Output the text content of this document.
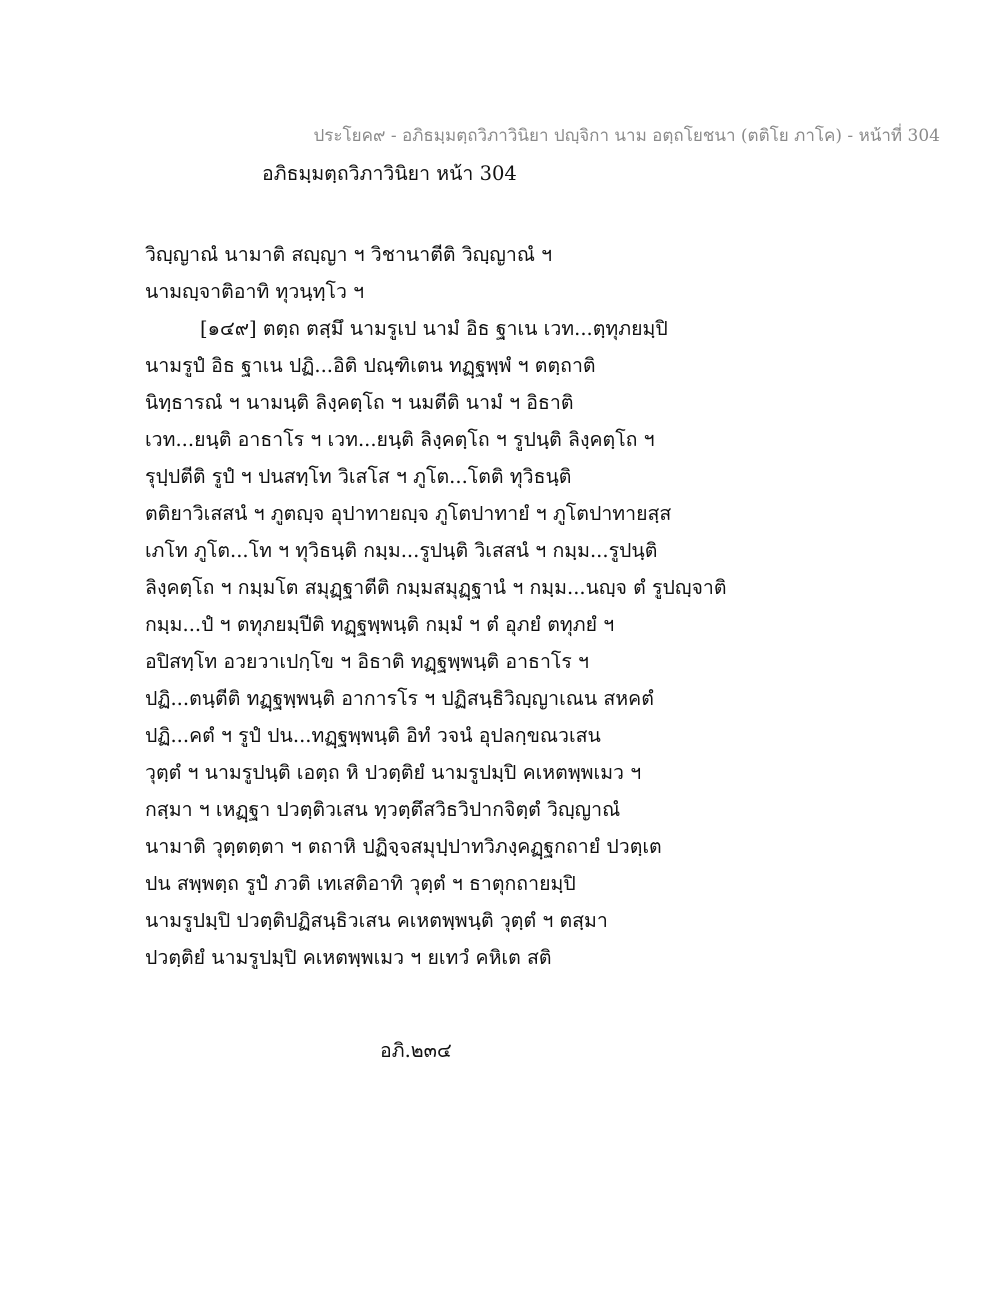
ประโยค๙ - อภิธมฺมตฺถวิภาวินิยา ปญฺจิกา นาม อตฺถโยชนา (ตติโย ภาโค) - หน้าที่ 304
อภิธมฺมตฺถวิภาวินิยา หน้า 304
วิญฺญาณํ นามาติ สญฺญา ฯ วิชานาตีติ วิญฺญาณํ ฯ
นามญฺจาติอาทิ ทุวนฺทฺโว ฯ
[๑๔๙] ตตฺถ ตสฺมึ นามรูเป นามํ อิธ ฐาเน เวท...ตฺทุภยมฺปิ
นามรูปํ อิธ ฐาเน ปฏิ...อิติ ปณฺฑิเตน ทฏฺฐพฺพํ ฯ ตตฺถาติ
นิทฺธารณํ ฯ นามนฺติ ลิงฺคตฺโถ ฯ นมตีติ นามํ ฯ อิธาติ
เวท...ยนฺติ อาธาโร ฯ เวท...ยนฺติ ลิงฺคตฺโถ ฯ รูปนฺติ ลิงฺคตฺโถ ฯ
รุปฺปตีติ รูปํ ฯ ปนสทฺโท วิเสโส ฯ ภูโต...โตติ ทุวิธนฺติ
ตติยาวิเสสนํ ฯ ภูตญฺจ อุปาทายญฺจ ภูโตปาทายํ ฯ ภูโตปาทายสฺส
เภโท ภูโต...โท ฯ ทุวิธนฺติ กมฺม...รูปนฺติ วิเสสนํ ฯ กมฺม...รูปนฺติ
ลิงฺคตฺโถ ฯ กมฺมโต สมุฏฺฐาตีติ กมฺมสมุฏฺฐานํ ฯ กมฺม...นญฺจ ตํ รูปญฺจาติ
กมฺม...ปํ ฯ ตทุภยมฺปีติ ทฏฺฐพฺพนฺติ กมฺมํ ฯ ตํ อุภยํ ตทุภยํ ฯ
อปิสทฺโท อวยวาเปกฺโข ฯ อิธาติ ทฏฺฐพฺพนฺติ อาธาโร ฯ
ปฏิ...ตนฺตีติ ทฏฺฐพฺพนฺติ อาการโร ฯ ปฏิสนฺธิวิญฺญาเณน สหคตํ
ปฏิ...คตํ ฯ รูปํ ปน...ทฏฺฐพฺพนฺติ อิทํ วจนํ อุปลกฺขณวเสน
วุตฺตํ ฯ นามรูปนฺติ เอตฺถ หิ ปวตฺติยํ นามรูปมฺปิ คเหตพฺพเมว ฯ
กสฺมา ฯ เหฏฺฐา ปวตฺติวเสน ทฺวตฺตึสวิธวิปากจิตฺตํ วิญฺญาณํ
นามาติ วุตฺตตฺตา ฯ ตถาหิ ปฏิจฺจสมุปฺปาทวิภงฺคฏฺฐกถายํ ปวตฺเต
ปน สพฺพตฺถ รูปํ ภวติ เทเสติอาทิ วุตฺตํ ฯ ธาตุกถายมฺปิ
นามรูปมฺปิ ปวตฺติปฏิสนฺธิวเสน คเหตพฺพนฺติ วุตฺตํ ฯ ตสฺมา
ปวตฺติยํ นามรูปมฺปิ คเหตพฺพเมว ฯ ยเทวํ คหิเต สติ
อภิ.๒๓๔
